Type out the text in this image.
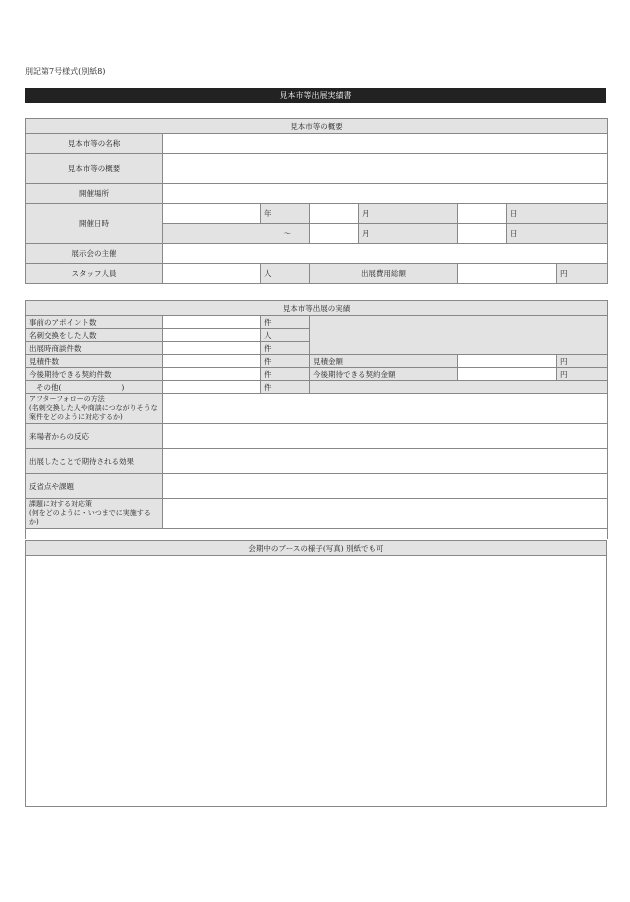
別記第7号様式(別紙8)
見本市等出展実績書
見本市等の概要							
見本市等の名称							
見本市等の概要							
開催場所							
開催日時		年		月		日	
	〜			月		日	
展示会の主催							
スタッフ人員		人	出展費用総額				円
見本市等出展の実績					
事前のアポイント数		件			
名刺交換をした人数		人			
出展時商談件数		件			
見積件数		件	見積金額		円
今後期待できる契約件数		件	今後期待できる契約金額		円
その他(　　　　　　　　)		件			

アフターフォローの方法
(名刺交換した人や商談につながりそうな案件をどのように対応するか)					

来場者からの反応					
出展したことで期待される効果					
反省点や課題					

課題に対する対応策
(何をどのように・いつまでに実施するか)					

会期中のブースの様子(写真) 別紙でも可
